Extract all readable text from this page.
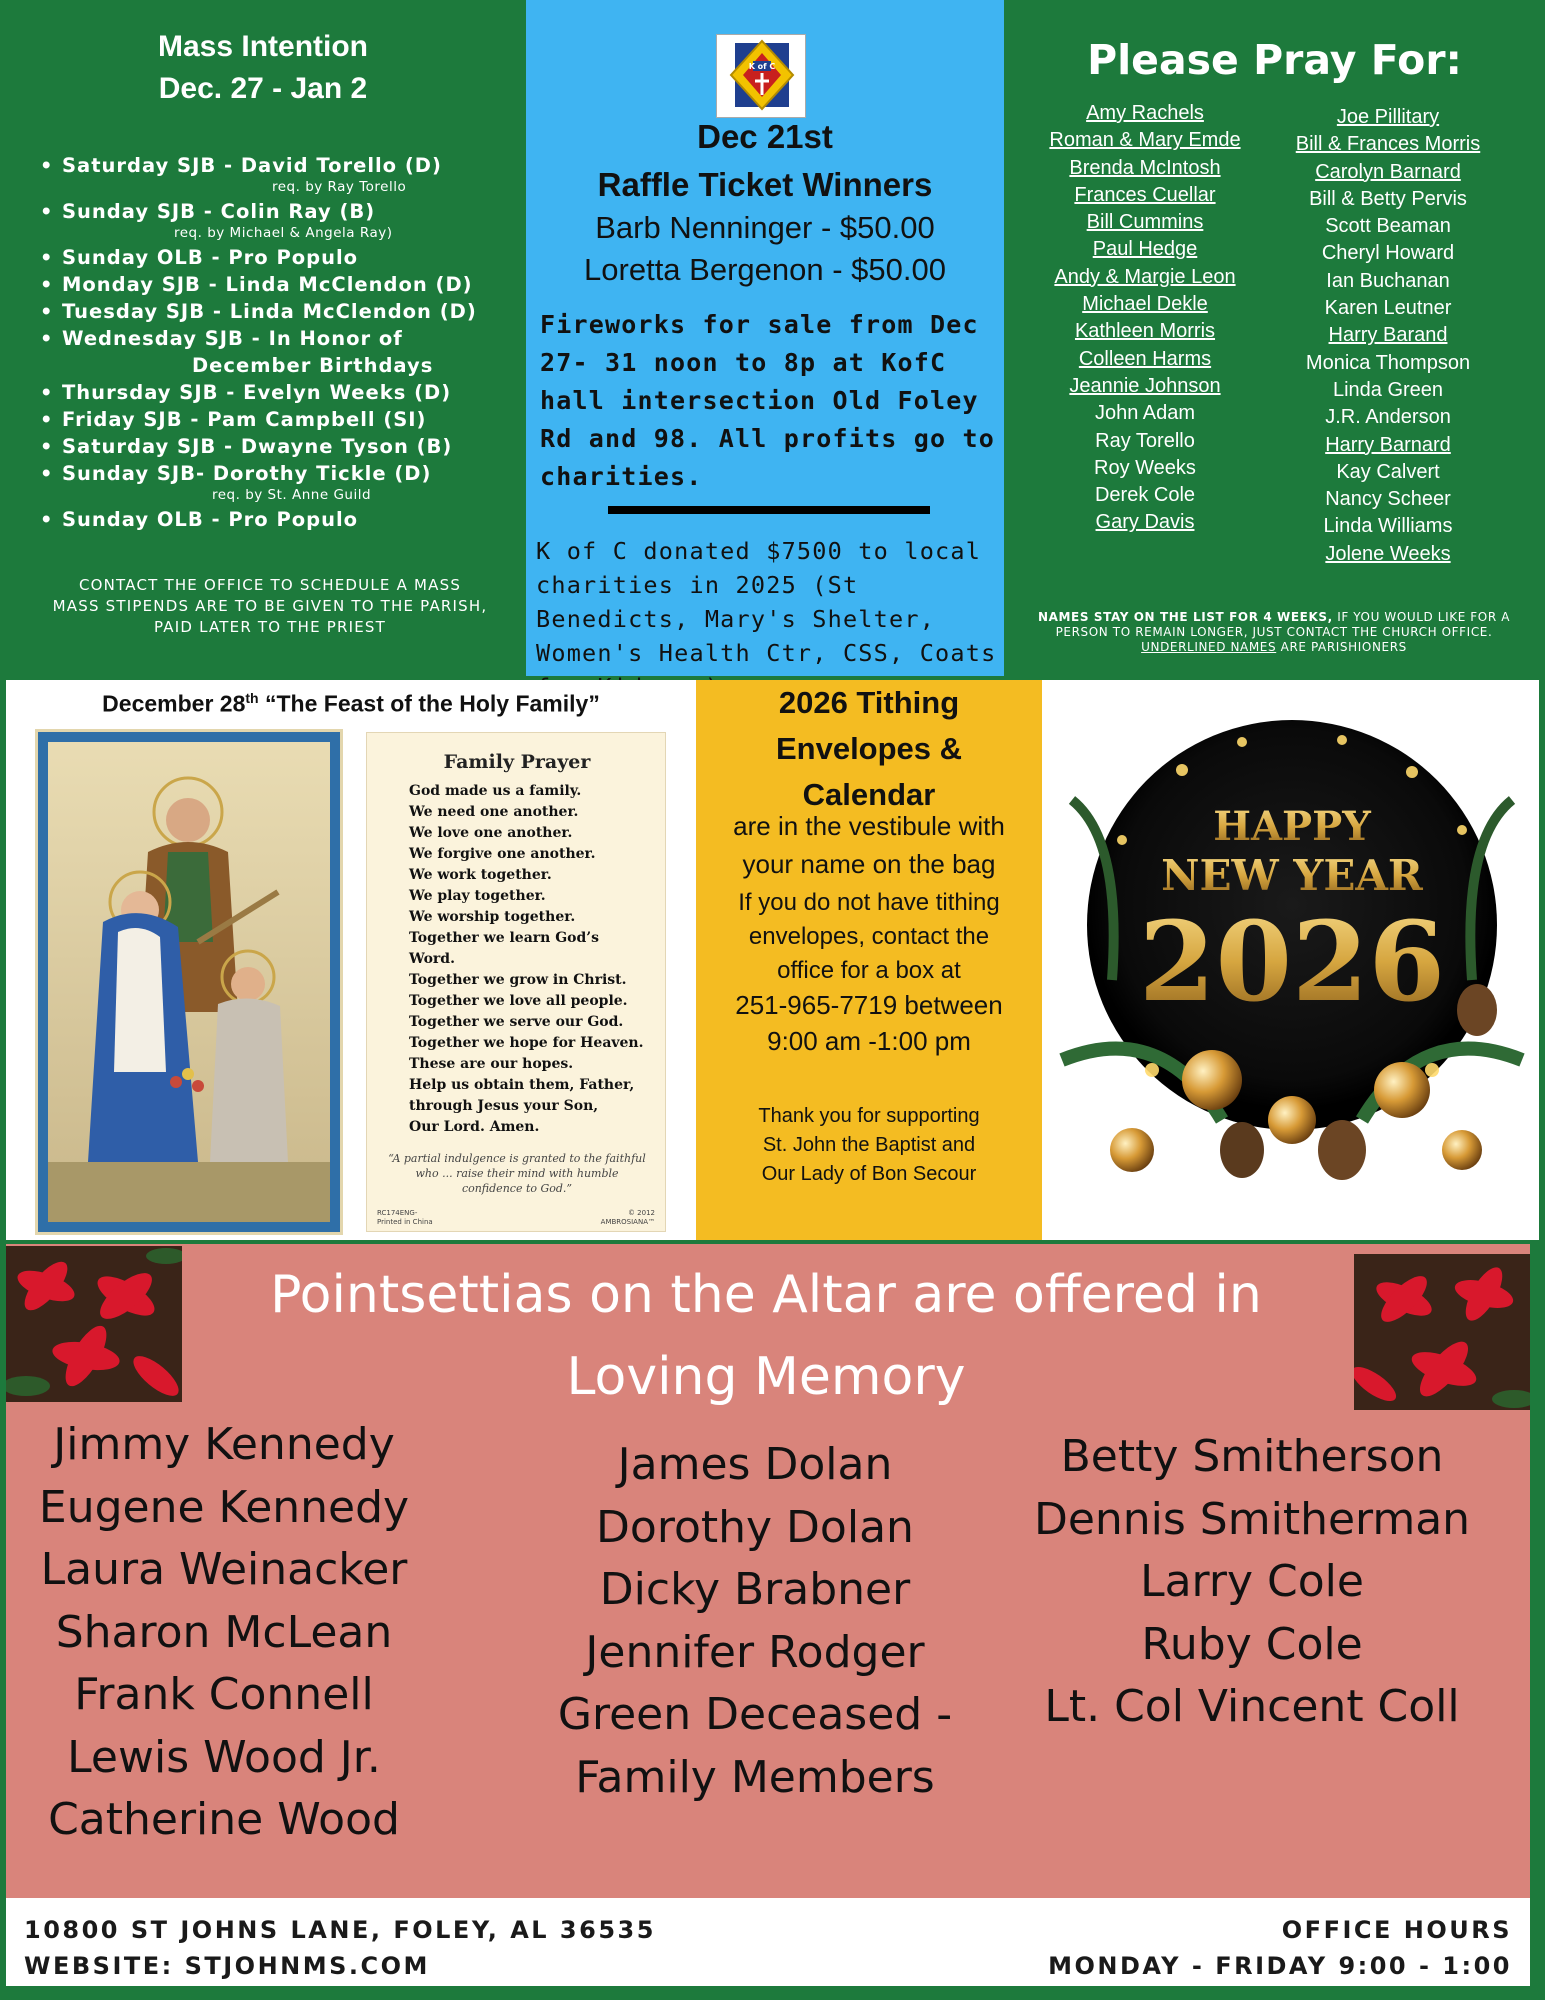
Mass Intention
Dec. 27 - Jan 2
• Saturday SJB - David Torello (D)
req. by Ray Torello
• Sunday SJB - Colin Ray (B)
req. by Michael & Angela Ray)
• Sunday OLB - Pro Populo
• Monday SJB - Linda McClendon (D)
• Tuesday SJB - Linda McClendon (D)
• Wednesday SJB - In Honor of
December Birthdays
• Thursday SJB - Evelyn Weeks (D)
• Friday SJB - Pam Campbell (SI)
• Saturday SJB - Dwayne Tyson (B)
• Sunday SJB- Dorothy Tickle (D)
req. by St. Anne Guild
• Sunday OLB - Pro Populo
CONTACT THE OFFICE TO SCHEDULE A MASS
MASS STIPENDS ARE TO BE GIVEN TO THE PARISH, PAID LATER TO THE PRIEST
K of C
Dec 21st
Raffle Ticket Winners
Barb Nenninger - $50.00
Loretta Bergenon - $50.00
Fireworks for sale from Dec 27- 31 noon to 8p at KofC hall intersection Old Foley Rd and 98. All profits go to charities.
K of C donated $7500 to local charities in 2025 (St Benedicts, Mary's Shelter, Women's Health Ctr, CSS, Coats
Please Pray For:
Amy Rachels
Roman & Mary Emde
Brenda McIntosh
Frances Cuellar
Bill Cummins
Paul Hedge
Andy & Margie Leon
Michael Dekle
Kathleen Morris
Colleen Harms
Jeannie Johnson
John Adam
Ray Torello
Roy Weeks
Derek Cole
Gary Davis
Joe Pillitary
Bill & Frances Morris
Carolyn Barnard
Bill & Betty Pervis
Scott Beaman
Cheryl Howard
Ian Buchanan
Karen Leutner
Harry Barand
Monica Thompson
Linda Green
J.R. Anderson
Harry Barnard
Kay Calvert
Nancy Scheer
Linda Williams
Jolene Weeks
NAMES STAY ON THE LIST FOR 4 WEEKS, IF YOU WOULD LIKE FOR A PERSON TO REMAIN LONGER, JUST CONTACT THE CHURCH OFFICE. UNDERLINED NAMES ARE PARISHIONERS
December 28th “The Feast of the Holy Family”
Family Prayer
God made us a family.
We need one another.
We love one another.
We forgive one another.
We work together.
We play together.
We worship together.
Together we learn God’s
Word.
Together we grow in Christ.
Together we love all people.
Together we serve our God.
Together we hope for Heaven.
These are our hopes.
Help us obtain them, Father,
through Jesus your Son,
Our Lord. Amen.
“A partial indulgence is granted to the faithful who ... raise their mind with humble confidence to God.”
RC174ENG-
Printed in China
© 2012
AMBROSIANA™
2026 Tithing
Envelopes &
Calendar
are in the vestibule with
your name on the bag
If you do not have tithing
envelopes, contact the
office for a box at
251-965-7719 between
9:00 am -1:00 pm
Thank you for supporting
St. John the Baptist and
Our Lady of Bon Secour
HAPPY
NEW YEAR
2026
Pointsettias on the Altar are offered in
Loving Memory
Jimmy Kennedy
Eugene Kennedy
Laura Weinacker
Sharon McLean
Frank Connell
Lewis Wood Jr.
Catherine Wood
James Dolan
Dorothy Dolan
Dicky Brabner
Jennifer Rodger
Green Deceased -
Family Members
Betty Smitherson
Dennis Smitherman
Larry Cole
Ruby Cole
Lt. Col Vincent Coll
10800 ST JOHNS LANE, FOLEY, AL 36535
WEBSITE: STJOHNMS.COM
OFFICE HOURS
MONDAY - FRIDAY 9:00 - 1:00
